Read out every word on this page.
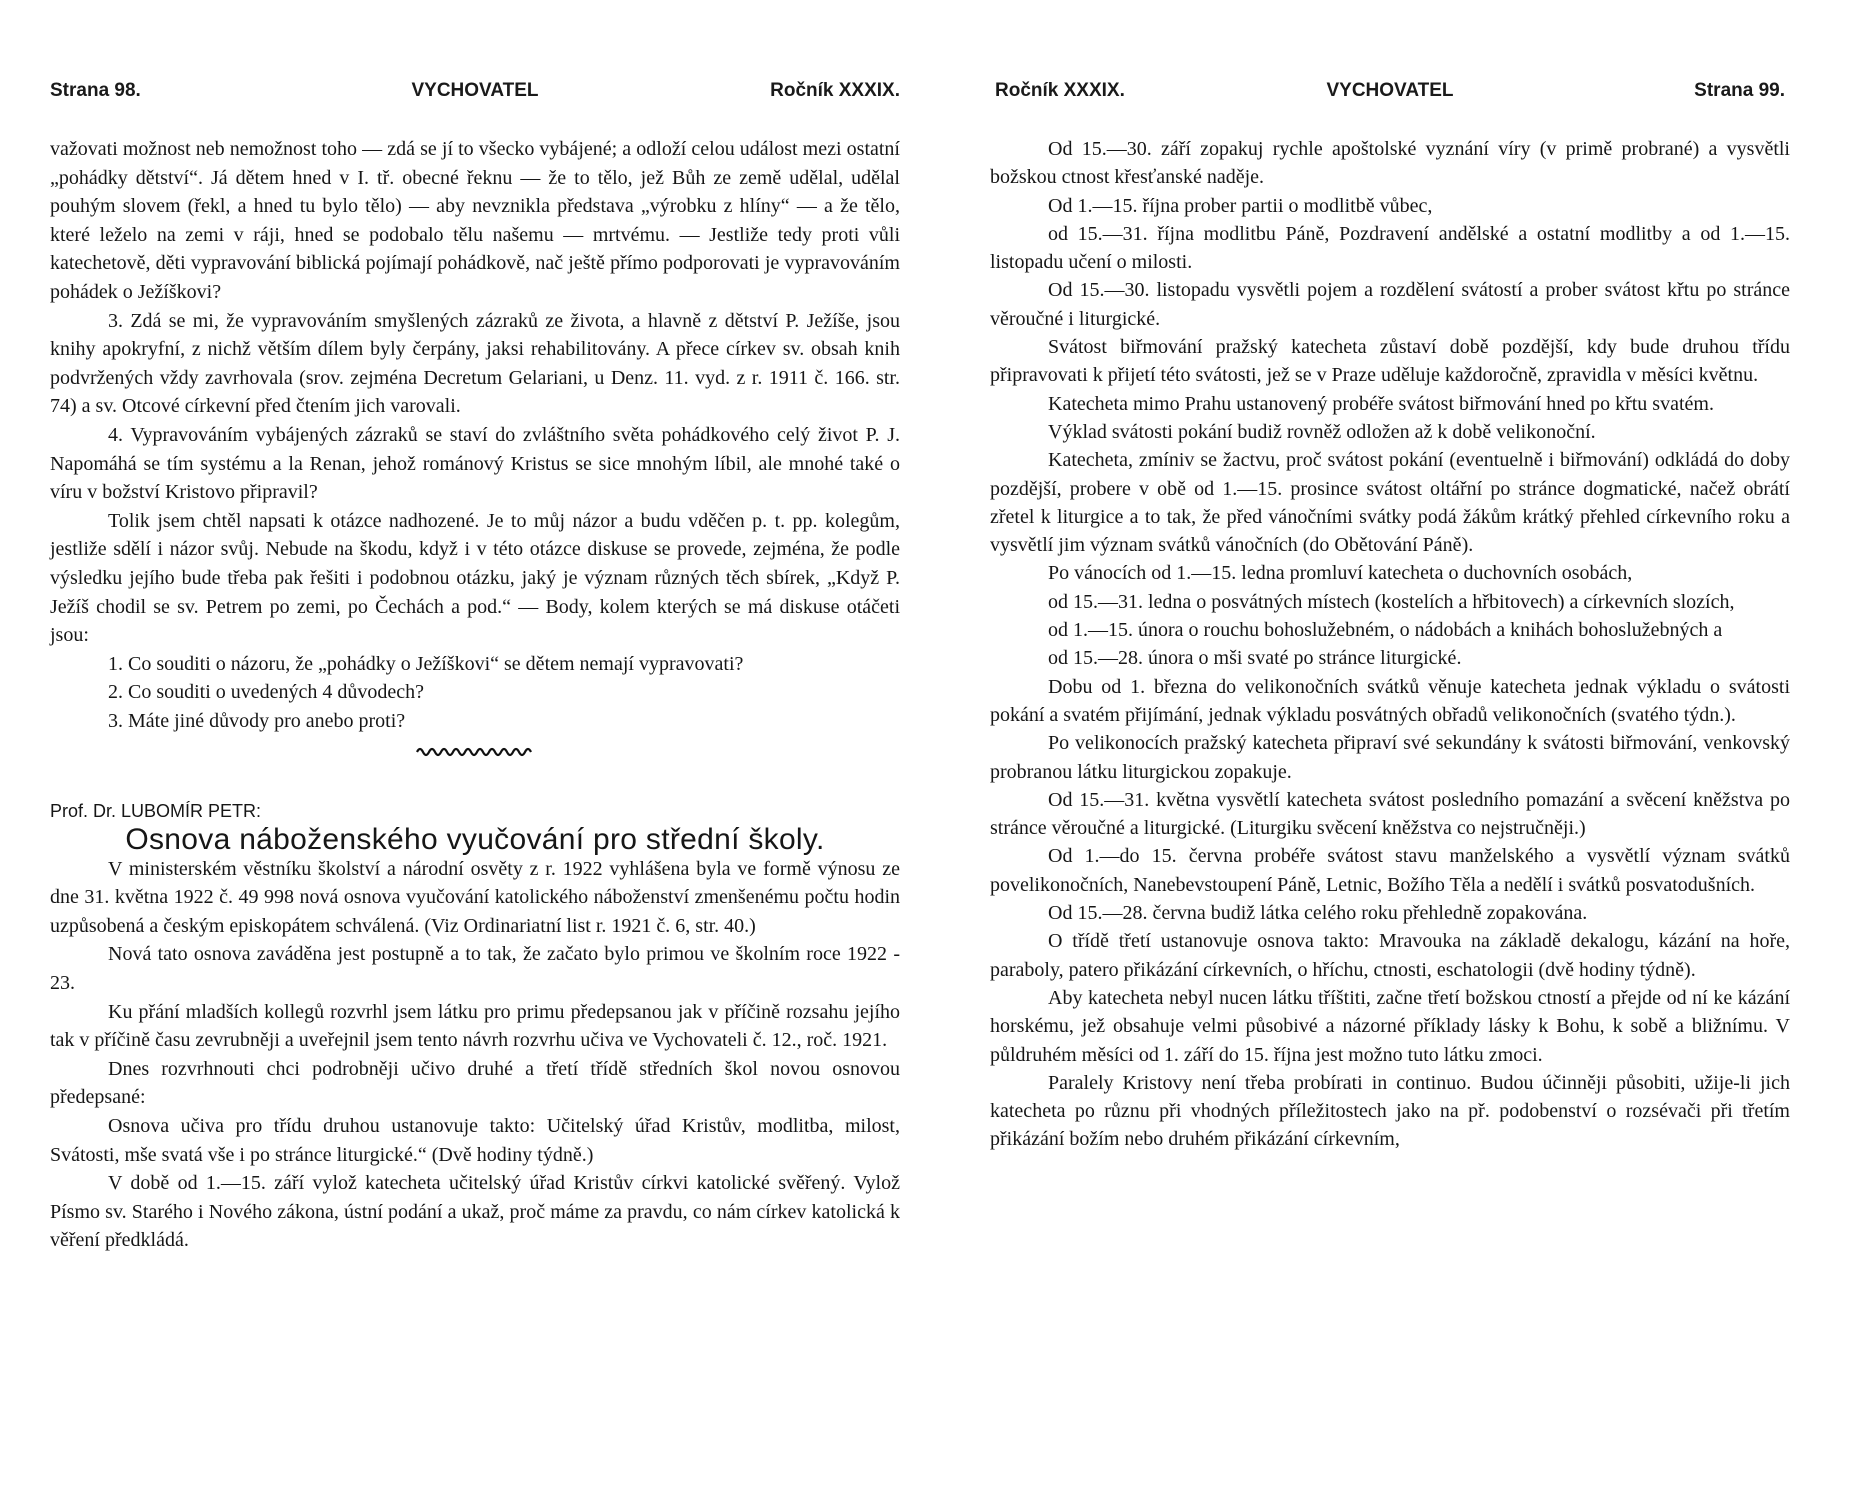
Strana 98.	VYCHOVATEL	Ročník XXXIX.

važovati možnost neb nemožnost toho — zdá se jí to všecko vybájené; a odloží celou událost mezi ostatní „pohádky dětství“. Já dětem hned v I. tř. obecné řeknu — že to tělo, jež Bůh ze země udělal, udělal pouhým slovem (řekl, a hned tu bylo tělo) — aby nevznikla představa „výrobku z hlíny“ — a že tělo, které leželo na zemi v ráji, hned se podobalo tělu našemu — mrtvému. — Jestliže tedy proti vůli katechetově, děti vypravování biblická pojímají pohádkově, nač ještě přímo podporovati je vypravováním pohádek o Ježíškovi?

3. Zdá se mi, že vypravováním smyšlených zázraků ze života, a hlavně z dětství P. Ježíše, jsou knihy apokryfní, z nichž větším dílem byly čerpány, jaksi rehabilitovány. A přece církev sv. obsah knih podvržených vždy zavrhovala (srov. zejména Decretum Gelariani, u Denz. 11. vyd. z r. 1911 č. 166. str. 74) a sv. Otcové církevní před čtením jich varovali.

4. Vypravováním vybájených zázraků se staví do zvláštního světa pohádkového celý život P. J. Napomáhá se tím systému a la Renan, jehož románový Kristus se sice mnohým líbil, ale mnohé také o víru v božství Kristovo připravil?

Tolik jsem chtěl napsati k otázce nadhozené. Je to můj názor a budu vděčen p. t. pp. kolegům, jestliže sdělí i názor svůj. Nebude na škodu, když i v této otázce diskuse se provede, zejména, že podle výsledku jejího bude třeba pak řešiti i podobnou otázku, jaký je význam různých těch sbírek, „Když P. Ježíš chodil se sv. Petrem po zemi, po Čechách a pod.“ — Body, kolem kterých se má diskuse otáčeti jsou:

1. Co souditi o názoru, že „pohádky o Ježíškovi“ se dětem nemají vypravovati?

2. Co souditi o uvedených 4 důvodech?

3. Máte jiné důvody pro anebo proti?

Prof. Dr. LUBOMÍR PETR:

Osnova náboženského vyučování pro střední školy.

V ministerském věstníku školství a národní osvěty z r. 1922 vyhlášena byla ve formě výnosu ze dne 31. května 1922 č. 49 998 nová osnova vyučování katolického náboženství zmenšenému počtu hodin uzpůsobená a českým episkopátem schválená. (Viz Ordinariatní list r. 1921 č. 6, str. 40.)

Nová tato osnova zaváděna jest postupně a to tak, že začato bylo primou ve školním roce 1922 - 23.

Ku přání mladších kollegů rozvrhl jsem látku pro primu předepsanou jak v příčině rozsahu jejího tak v příčině času zevrubněji a uveřejnil jsem tento návrh rozvrhu učiva ve Vychovateli č. 12., roč. 1921.

Dnes rozvrhnouti chci podrobněji učivo druhé a třetí třídě středních škol novou osnovou předepsané:

Osnova učiva pro třídu druhou ustanovuje takto: Učitelský úřad Kristův, modlitba, milost, Svátosti, mše svatá vše i po stránce liturgické.“ (Dvě hodiny týdně.)

V době od 1.—15. září vylož katecheta učitelský úřad Kristův církvi katolické svěřený. Vylož Písmo sv. Starého i Nového zákona, ústní podání a ukaž, proč máme za pravdu, co nám církev katolická k věření předkládá.

Ročník XXXIX.	VYCHOVATEL	Strana 99.

Od 15.—30. září zopakuj rychle apoštolské vyznání víry (v primě probrané) a vysvětli božskou ctnost křesťanské naděje.

Od 1.—15. října prober partii o modlitbě vůbec,

od 15.—31. října modlitbu Páně, Pozdravení andělské a ostatní modlitby a od 1.—15. listopadu učení o milosti.

Od 15.—30. listopadu vysvětli pojem a rozdělení svátostí a prober svátost křtu po stránce věroučné i liturgické.

Svátost biřmování pražský katecheta zůstaví době pozdější, kdy bude druhou třídu připravovati k přijetí této svátosti, jež se v Praze uděluje každoročně, zpravidla v měsíci květnu.

Katecheta mimo Prahu ustanovený probéře svátost biřmování hned po křtu svatém.

Výklad svátosti pokání budiž rovněž odložen až k době velikonoční.

Katecheta, zmíniv se žactvu, proč svátost pokání (eventuelně i biřmování) odkládá do doby pozdější, probere v obě od 1.—15. prosince svátost oltářní po stránce dogmatické, načež obrátí zřetel k liturgice a to tak, že před vánočními svátky podá žákům krátký přehled církevního roku a vysvětlí jim význam svátků vánočních (do Obětování Páně).

Po vánocích od 1.—15. ledna promluví katecheta o duchovních osobách,

od 15.—31. ledna o posvátných místech (kostelích a hřbitovech) a církevních slozích,

od 1.—15. února o rouchu bohoslužebném, o nádobách a knihách bohoslužebných a

od 15.—28. února o mši svaté po stránce liturgické.

Dobu od 1. března do velikonočních svátků věnuje katecheta jednak výkladu o svátosti pokání a svatém přijímání, jednak výkladu posvátných obřadů velikonočních (svatého týdn.).

Po velikonocích pražský katecheta připraví své sekundány k svátosti biřmování, venkovský probranou látku liturgickou zopakuje.

Od 15.—31. května vysvětlí katecheta svátost posledního pomazání a svěcení kněžstva po stránce věroučné a liturgické. (Liturgiku svěcení kněžstva co nejstručněji.)

Od 1.—do 15. června probéře svátost stavu manželského a vysvětlí význam svátků povelikonočních, Nanebevstoupení Páně, Letnic, Božího Těla a nedělí i svátků posvatodušních.

Od 15.—28. června budiž látka celého roku přehledně zopakována.

O třídě třetí ustanovuje osnova takto: Mravouka na základě dekalogu, kázání na hoře, paraboly, patero přikázání církevních, o hříchu, ctnosti, eschatologii (dvě hodiny týdně).

Aby katecheta nebyl nucen látku tříštiti, začne třetí božskou ctností a přejde od ní ke kázání horskému, jež obsahuje velmi působivé a názorné příklady lásky k Bohu, k sobě a bližnímu. V půldruhém měsíci od 1. září do 15. října jest možno tuto látku zmoci.

Paralely Kristovy není třeba probírati in continuo. Budou účinněji působiti, užije-li jich katecheta po různu při vhodných příležitostech jako na př. podobenství o rozsévači při třetím přikázání božím nebo druhém přikázání církevním,
